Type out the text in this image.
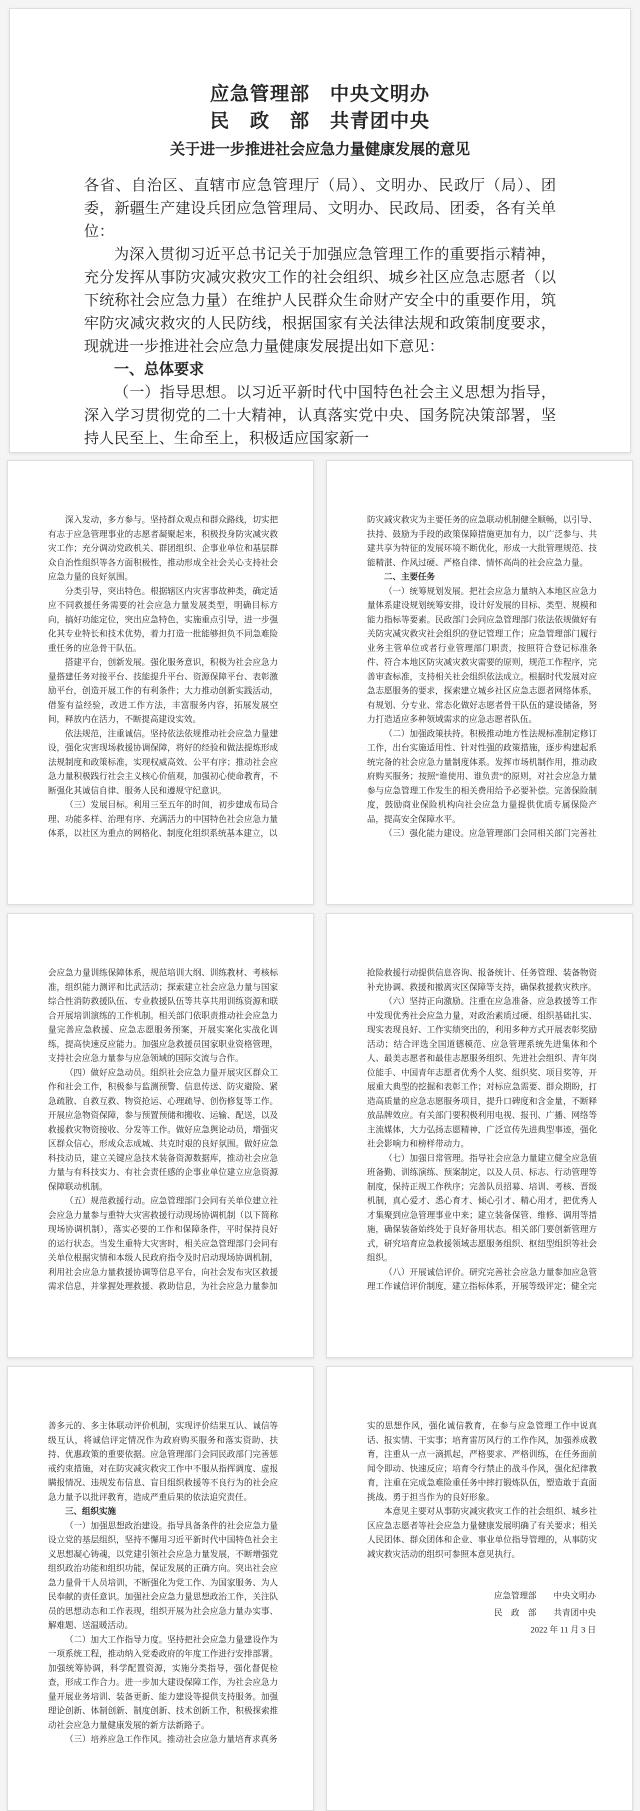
应急管理部　中央文明办
民　政　部　共青团中央
关于进一步推进社会应急力量健康发展的意见

各省、自治区、直辖市应急管理厅（局）、文明办、民政厅（局）、团委，新疆生产建设兵团应急管理局、文明办、民政局、团委，各有关单位：

为深入贯彻习近平总书记关于加强应急管理工作的重要指示精神，充分发挥从事防灾减灾救灾工作的社会组织、城乡社区应急志愿者（以下统称社会应急力量）在维护人民群众生命财产安全中的重要作用，筑牢防灾减灾救灾的人民防线，根据国家有关法律法规和政策制度要求，现就进一步推进社会应急力量健康发展提出如下意见：

一、总体要求

（一）指导思想。以习近平新时代中国特色社会主义思想为指导，深入学习贯彻党的二十大精神，认真落实党中央、国务院决策部署，坚持人民至上、生命至上，积极适应国家新一

深入发动，多方参与。坚持群众观点和群众路线，切实把有志于应急管理事业的志愿者凝聚起来，积极投身防灾减灾救灾工作；充分调动党政机关、群团组织、企事业单位和基层群众自治性组织等各方面积极性，推动形成全社会关心支持社会应急力量的良好氛围。

分类引导，突出特色。根据辖区内灾害事故种类，确定适应不同救援任务需要的社会应急力量发展类型，明确目标方向，搞好功能定位，突出应急特色，实施重点引导，进一步强化其专业特长和技术优势，着力打造一批能够担负不同急难险重任务的应急骨干队伍。

搭建平台，创新发展。强化服务意识，积极为社会应急力量搭建任务对接平台、技能提升平台、资源保障平台、表彰激励平台，创造开展工作的有利条件；大力推动创新实践活动，借鉴有益经验，改进工作方法，丰富服务内容，拓展发展空间，释放内在活力，不断提高建设实效。

依法规范，注重诚信。坚持依法依规推动社会应急力量建设，强化灾害现场救援协调保障，将好的经验和做法提炼形成法规制度和政策标准，实现权威高效、公平有序；推动社会应急力量积极践行社会主义核心价值观，加强初心使命教育，不断强化其诚信自律、服务人民和遵规守纪意识。

（三）发展目标。利用三至五年的时间，初步建成布局合理、功能多样、治理有序、充满活力的中国特色社会应急力量体系，以社区为重点的网格化、制度化组织系统基本建立，以

防灾减灾救灾为主要任务的应急联动机制健全顺畅，以引导、扶持、鼓励为手段的政策保障措施更加有力，以广泛参与、共建共享为特征的发展环境不断优化，形成一大批管理规范、技能精湛、作风过硬、严格自律、情怀高尚的社会应急力量。

二、主要任务

（一）统筹规划发展。把社会应急力量纳入本地区应急力量体系建设规划统筹安排，设计好发展的目标、类型、规模和能力指标等要素。民政部门会同应急管理部门依法依规做好有关防灾减灾救灾社会组织的登记管理工作；应急管理部门履行业务主管单位或者行业管理部门职责，按照符合登记标准条件、符合本地区防灾减灾救灾需要的原则，规范工作程序，完善审查标准，支持相关社会组织依法成立。根据时代发展对应急志愿服务的要求，探索建立城乡社区应急志愿者网络体系，有规划、分专业、常态化做好志愿者骨干队伍的建设储备，努力打造适应多种领域需求的应急志愿者队伍。

（二）加强政策扶持。积极推动地方性法规标准制定修订工作，出台实施适用性、针对性强的政策措施，逐步构建起系统完备的社会应急力量制度体系。发挥市场机制作用，推动政府购买服务；按照“谁使用、谁负责”的原则，对社会应急力量参与应急管理工作发生的相关费用给予必要补偿。完善保险制度，鼓励商业保险机构向社会应急力量提供优质专属保险产品，提高安全保障水平。

（三）强化能力建设。应急管理部门会同相关部门完善社

会应急力量训练保障体系，规范培训大纲、训练教材、考核标准，组织能力测评和比武活动；探索建立社会应急力量与国家综合性消防救援队伍、专业救援队伍等共享共用训练资源和联合开展培训演练的工作机制。相关部门依职责推动社会应急力量完善应急救援、应急志愿服务预案，开展实案化实战化训练，提高快速反应能力。加强应急救援员国家职业资格管理，支持社会应急力量参与应急领域的国际交流与合作。

（四）做好应急动员。组织社会应急力量开展灾区群众工作和社会工作，积极参与监测预警、信息传送、防灾避险、紧急疏散、自救互救、物资抢运、心理疏导、创伤修复等工作。开展应急物资保障，参与预置预储和搬收、运输、配送，以及救援救灾物资接收、分发等工作。做好应急舆论动员，增强灾区群众信心，形成众志成城、共克时艰的良好氛围。做好应急科技动员，建立关键应急技术装备资源数据库，推动社会应急力量与有科技实力、有社会责任感的企事业单位建立应急资源保障联动机制。

（五）规范救援行动。应急管理部门会同有关单位建立社会应急力量参与重特大灾害救援行动现场协调机制（以下简称现场协调机制），落实必要的工作和保障条件，平时保持良好的运行状态。当发生重特大灾害时，相关应急管理部门会同有关单位根据灾情和本级人民政府指令及时启动现场协调机制，利用社会应急力量救援协调等信息平台，向社会发布灾区救援需求信息，并掌握处理救援、救助信息，为社会应急力量参加

抢险救援行动提供信息咨询、报备统计、任务管理、装备物资补充协调、救援和撤离灾区保障等支持，确保救援救灾秩序。

（六）坚持正向激励。注重在应急准备、应急救援等工作中发现优秀社会应急力量，对政治素质过硬、组织基础扎实、现实表现良好、工作实绩突出的，利用多种方式开展表彰奖励活动；结合评选全国道德模范、应急管理系统先进集体和个人、最美志愿者和最佳志愿服务组织、先进社会组织、青年岗位能手、中国青年志愿者优秀个人奖、组织奖、项目奖等，开展重大典型的挖掘和表彰工作；对标应急需要、群众期盼，打造高质量的应急志愿服务项目，提升口碑度和含金量，不断释放品牌效应。有关部门要积极利用电视、报刊、广播、网络等主流媒体，大力弘扬志愿精神，广泛宣传先进典型事迹，强化社会影响力和榜样带动力。

（七）加强日常管理。指导社会应急力量建立健全应急值班备勤、训练演练、预案制定，以及人员、标志、行动管理等制度，保持正规工作秩序；完善队员招募、培训、考核、晋级机制，真心爱才、悉心育才、倾心引才、精心用才，把优秀人才集聚到应急管理事业中来；建立装备保管、维修、调用等措施，确保装备始终处于良好备用状态。相关部门要创新管理方式，研究培育应急救援领域志愿服务组织、枢纽型组织等社会组织。

（八）开展诚信评价。研究完善社会应急力量参加应急管理工作诚信评价制度，建立指标体系，开展等级评定；健全完

善多元的、多主体联动评价机制，实现评价结果互认、诚信等级互认，将诚信评定情况作为政府购买服务和落实资助、扶持、优惠政策的重要依据。应急管理部门会同民政部门完善惩戒约束措施，对在防灾减灾救灾工作中不服从指挥调度、虚报瞒报情况、违规发布信息、盲目组织救援等不良行为的社会应急力量予以批评教育，造成严重后果的依法追究责任。

三、组织实施

（一）加强思想政治建设。指导具备条件的社会应急力量设立党的基层组织，坚持不懈用习近平新时代中国特色社会主义思想凝心铸魂，以党建引领社会应急力量发展，不断增强党组织政治功能和组织功能，保证发展的正确方向。突出社会应急力量骨干人员培训，不断强化为党工作、为国家服务、为人民奉献的责任意识。加强社会应急力量思想政治工作，关注队员的思想动态和工作表现，组织开展为社会应急力量办实事、解难题、送温暖活动。

（二）加大工作指导力度。坚持把社会应急力量建设作为一项系统工程，推动纳入党委政府的年度工作进行安排部署。加强统筹协调，科学配置资源，实施分类指导，强化督促检查，形成工作合力。进一步加大建设保障工作，为社会应急力量开展业务培训、装备更新、能力建设等提供支持服务。加强理论创新、体制创新、制度创新、技术创新工作，积极探索推动社会应急力量健康发展的新方法新路子。

（三）培养应急工作作风。推动社会应急力量培育求真务

实的思想作风，强化诚信教育，在参与应急管理工作中说真话、报实情、干实事；培育雷厉风行的工作作风，加强养成教育，注重从一点一滴抓起，严格要求、严格训练，在任务面前闻令即动、快速反应；培育令行禁止的战斗作风，强化纪律教育，注重在完成急难险重任务中摔打锻炼队伍，塑造敢于直面挑战、勇于担当作为的良好形象。

本意见主要对从事防灾减灾救灾工作的社会组织、城乡社区应急志愿者等社会应急力量健康发展明确了有关要求；相关人民团体、群众团体和企业、事业单位指导管理的，从事防灾减灾救灾活动的组织可参照本意见执行。

应急管理部　　中央文明办
民　政　部　　共青团中央
2022 年 11 月 3 日
